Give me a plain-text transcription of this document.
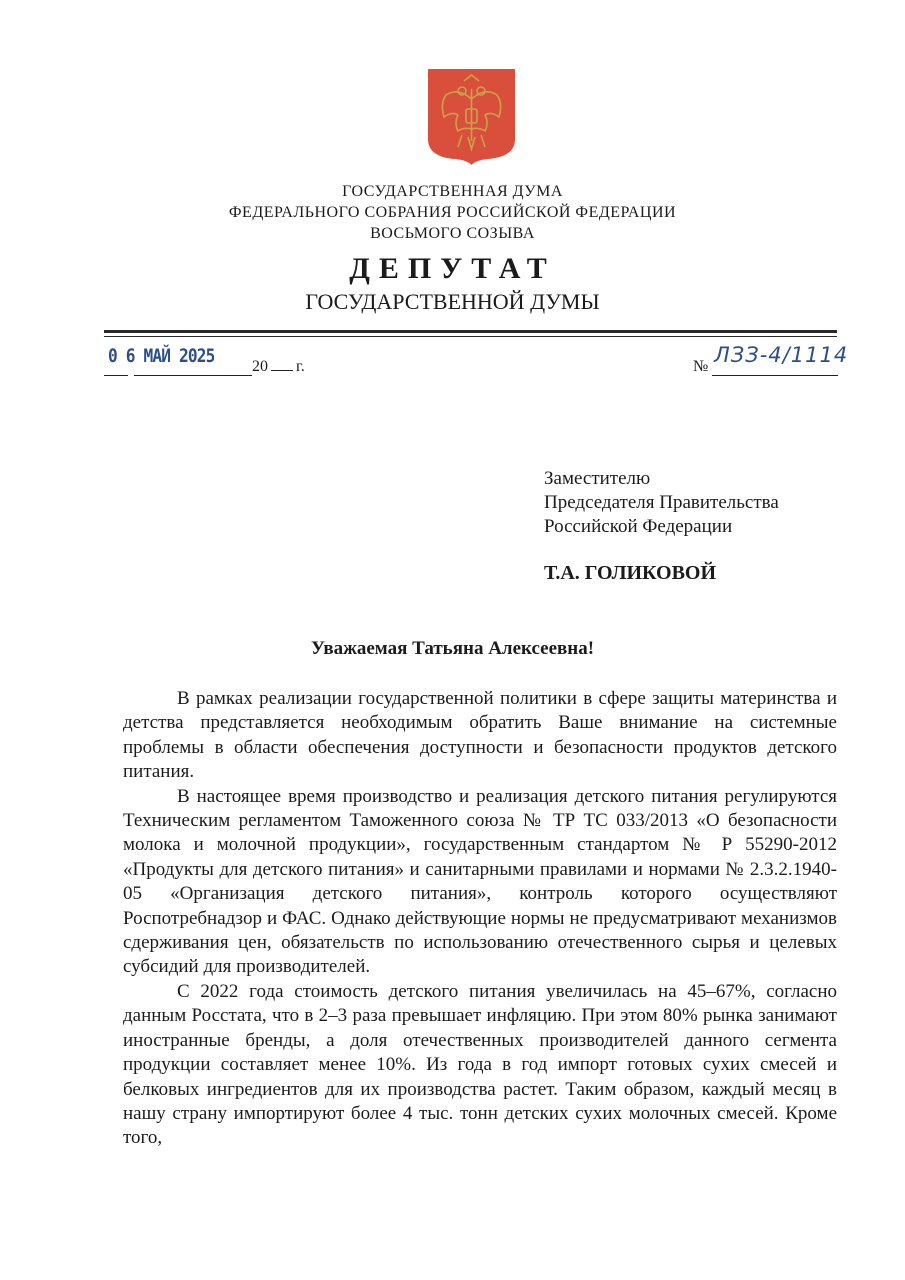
ГОСУДАРСТВЕННАЯ ДУМА
ФЕДЕРАЛЬНОГО СОБРАНИЯ РОССИЙСКОЙ ФЕДЕРАЦИИ
ВОСЬМОГО СОЗЫВА
ДЕПУТАТ
ГОСУДАРСТВЕННОЙ ДУМЫ
0 6 МАЙ 2025 20 г.	№ ЛЗЗ-4/1114
Заместителю
Председателя Правительства
Российской Федерации
Т.А. ГОЛИКОВОЙ
Уважаемая Татьяна Алексеевна!

В рамках реализации государственной политики в сфере защиты материнства и детства представляется необходимым обратить Ваше внимание на системные проблемы в области обеспечения доступности и безопасности продуктов детского питания.

В настоящее время производство и реализация детского питания регулируются Техническим регламентом Таможенного союза № ТР ТС 033/2013 «О безопасности молока и молочной продукции», государственным стандартом № Р 55290-2012 «Продукты для детского питания» и санитарными правилами и нормами № 2.3.2.1940-05 «Организация детского питания», контроль которого осуществляют Роспотребнадзор и ФАС. Однако действующие нормы не предусматривают механизмов сдерживания цен, обязательств по использованию отечественного сырья и целевых субсидий для производителей.

С 2022 года стоимость детского питания увеличилась на 45–67%, согласно данным Росстата, что в 2–3 раза превышает инфляцию. При этом 80% рынка занимают иностранные бренды, а доля отечественных производителей данного сегмента продукции составляет менее 10%. Из года в год импорт готовых сухих смесей и белковых ингредиентов для их производства растет. Таким образом, каждый месяц в нашу страну импортируют более 4 тыс. тонн детских сухих молочных смесей. Кроме того,
